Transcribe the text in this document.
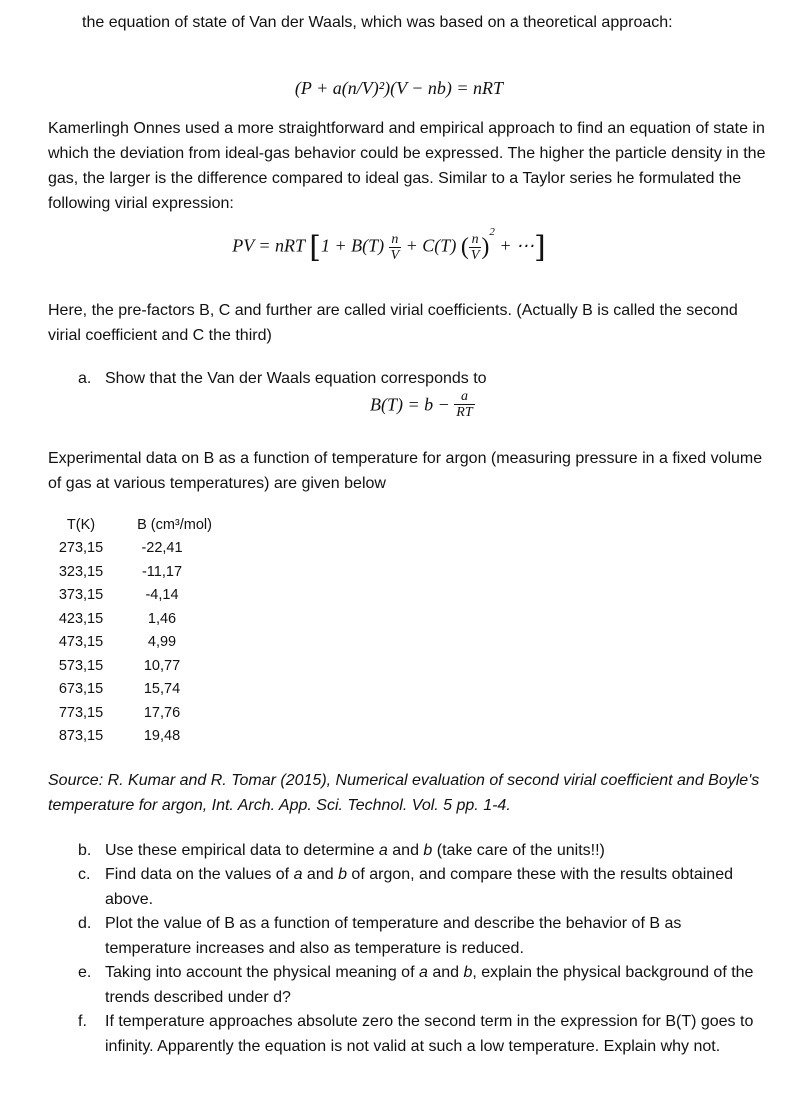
the equation of state of Van der Waals, which was based on a theoretical approach:
(P + a(n/V)²)(V − nb) = nRT
Kamerlingh Onnes used a more straightforward and empirical approach to find an equation of state in which the deviation from ideal-gas behavior could be expressed. The higher the particle density in the gas, the larger is the difference compared to ideal gas. Similar to a Taylor series he formulated the following virial expression:
PV = nRT [$1 + B(T) \frac{n}{V} + C(T)$ ( $\frac{n}{V} )^2$ + ⋯]
Here, the pre-factors B, C and further are called virial coefficients. (Actually B is called the second virial coefficient and C the third)
a. Show that the Van der Waals equation corresponds to
$B(T) = b - \frac{a}{RT}$
Experimental data on B as a function of temperature for argon (measuring pressure in a fixed volume of gas at various temperatures) are given below
T(K)	B (cm³/mol)
273,15	-22,41
323,15	-11,17
373,15	-4,14
423,15	1,46
473,15	4,99
573,15	10,77
673,15	15,74
773,15	17,76
873,15	19,48
Source: R. Kumar and R. Tomar (2015), Numerical evaluation of second virial coefficient and Boyle's temperature for argon, Int. Arch. App. Sci. Technol. Vol. 5 pp. 1-4.
b. Use these empirical data to determine a and b (take care of the units!!)
c. Find data on the values of a and b of argon, and compare these with the results obtained above.
d. Plot the value of B as a function of temperature and describe the behavior of B as temperature increases and also as temperature is reduced.
e. Taking into account the physical meaning of a and b, explain the physical background of the trends described under d?
f.	If temperature approaches absolute zero the second term in the expression for B(T) goes to infinity. Apparently the equation is not valid at such a low temperature. Explain why not.
